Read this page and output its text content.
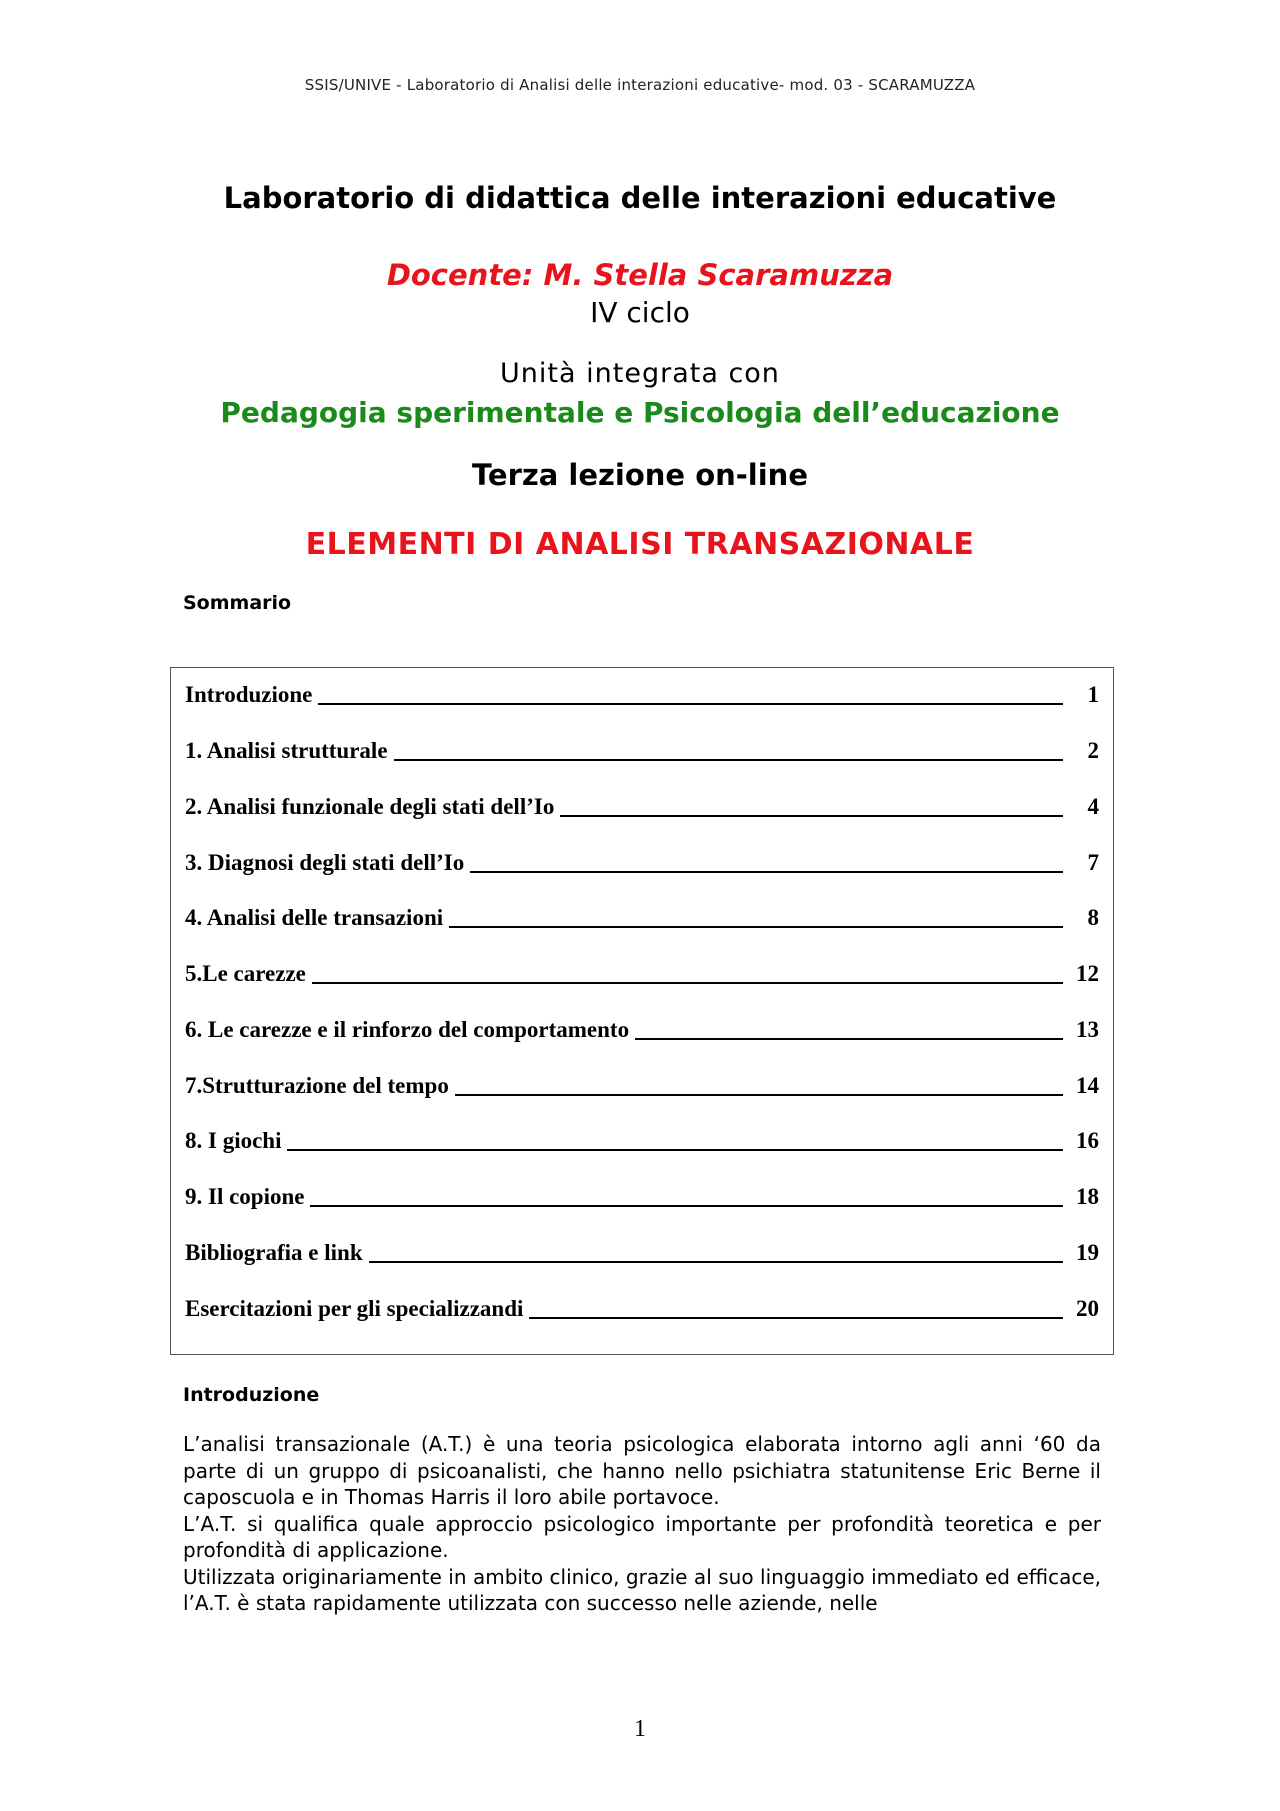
SSIS/UNIVE - Laboratorio di Analisi delle interazioni educative- mod. 03 - SCARAMUZZA
Laboratorio di didattica delle interazioni educative
Docente: M. Stella Scaramuzza
IV ciclo
Unità integrata con
Pedagogia sperimentale e Psicologia dell’educazione
Terza lezione on-line
ELEMENTI DI ANALISI TRANSAZIONALE
Sommario
Introduzione	1
1. Analisi strutturale	2
2. Analisi funzionale degli stati dell’Io	4
3. Diagnosi degli stati dell’Io	7
4. Analisi delle transazioni	8
5.Le carezze	12
6. Le carezze e il rinforzo del comportamento	13
7.Strutturazione del tempo	14
8. I giochi	16
9. Il copione	18
Bibliografia e link	19
Esercitazioni per gli specializzandi	20
Introduzione

L’analisi transazionale (A.T.) è una teoria psicologica elaborata intorno agli anni ‘60 da parte di un gruppo di psicoanalisti, che hanno nello psichiatra statunitense Eric Berne il caposcuola e in Thomas Harris il loro abile portavoce.

L’A.T. si qualifica quale approccio psicologico importante per profondità teoretica e per profondità di applicazione.

Utilizzata originariamente in ambito clinico, grazie al suo linguaggio immediato ed efficace, l’A.T. è stata rapidamente utilizzata con successo nelle aziende, nelle

1
